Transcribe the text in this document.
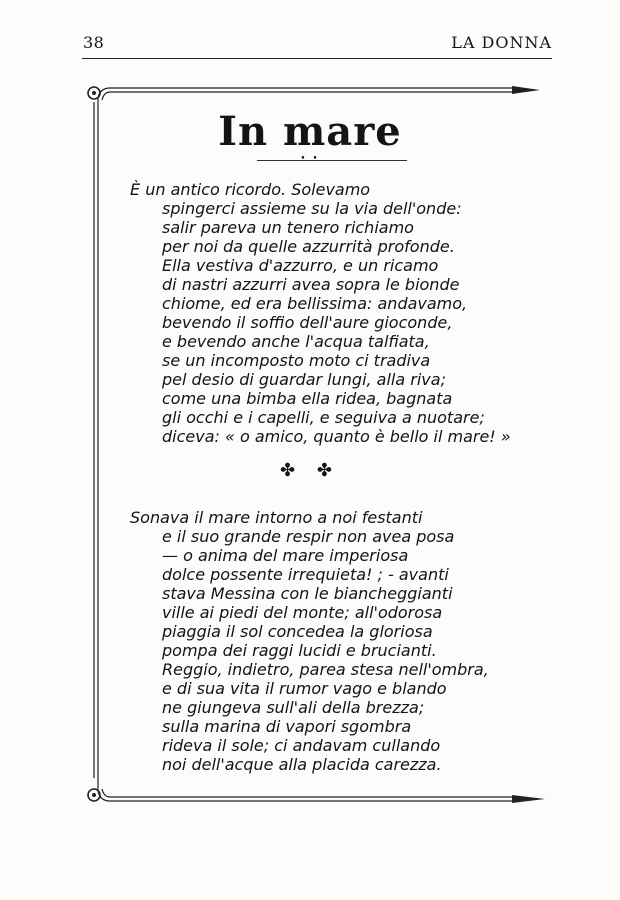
38	LA DONNA
In mare
• •
È un antico ricordo. Solevamo
spingerci assieme su la via dell'onde:
salir pareva un tenero richiamo
per noi da quelle azzurrità profonde.
Ella vestiva d'azzurro, e un ricamo
di nastri azzurri avea sopra le bionde
chiome, ed era bellissima: andavamo,
bevendo il soffio dell'aure gioconde,
e bevendo anche l'acqua talfiata,
se un incomposto moto ci tradiva
pel desio di guardar lungi, alla riva;
come una bimba ella ridea, bagnata
gli occhi e i capelli, e seguiva a nuotare;
diceva: « o amico, quanto è bello il mare! »
✤ ✤
Sonava il mare intorno a noi festanti
e il suo grande respir non avea posa
— o anima del mare imperiosa
dolce possente irrequieta! ; - avanti
stava Messina con le biancheggianti
ville ai piedi del monte; all'odorosa
piaggia il sol concedea la gloriosa
pompa dei raggi lucidi e brucianti.
Reggio, indietro, parea stesa nell'ombra,
e di sua vita il rumor vago e blando
ne giungeva sull'ali della brezza;
sulla marina di vapori sgombra
rideva il sole; ci andavam cullando
noi dell'acque alla placida carezza.
